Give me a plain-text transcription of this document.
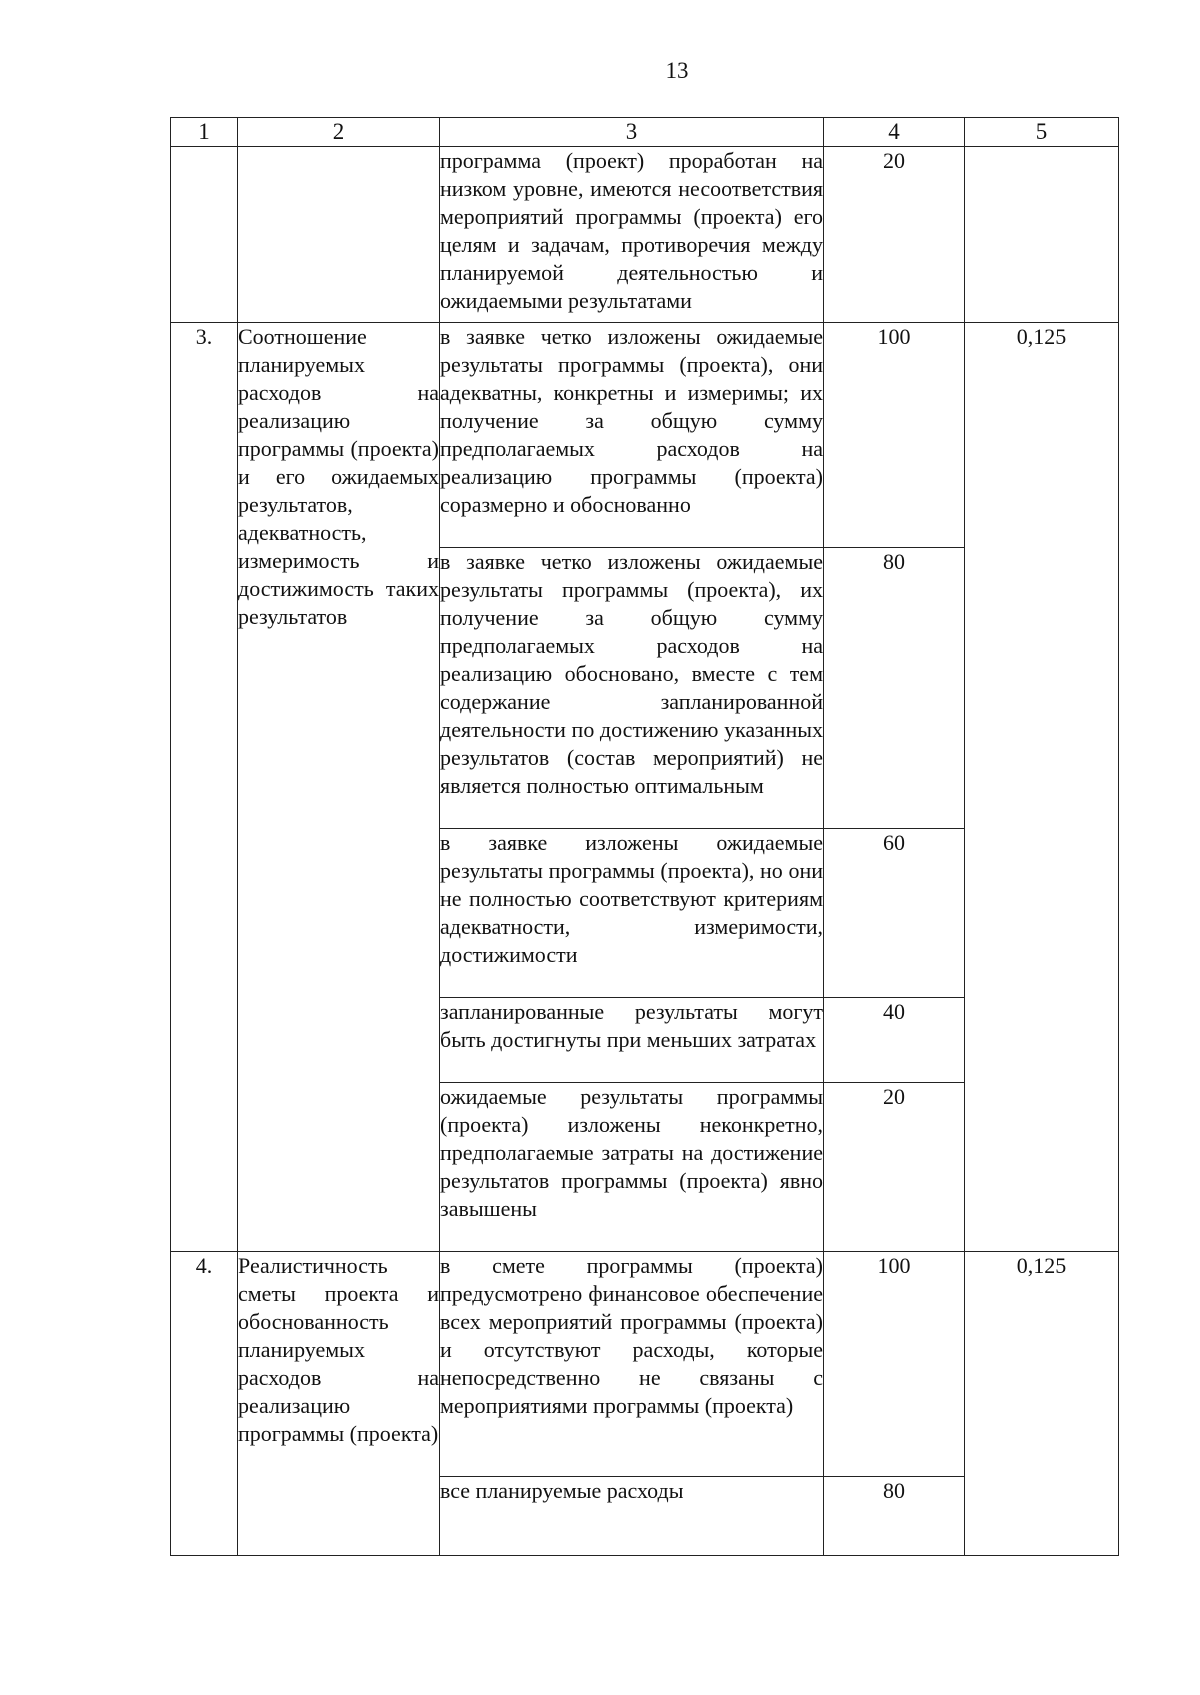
13
1	2	3	4	5
		программа (проект) проработан на низком уровне, имеются несоответствия мероприятий программы (проекта) его целям и задачам, противоречия между планируемой деятельностью и ожидаемыми результатами	20	
3.	Соотношение планируемых расходов на реализацию программы (проекта) и его ожидаемых результатов, адекватность, измеримость и достижимость таких результатов	в заявке четко изложены ожидаемые результаты программы (проекта), они адекватны, конкретны и измеримы; их получение за общую сумму предполагаемых расходов на реализацию программы (проекта) соразмерно и обоснованно	100	0,125
		в заявке четко изложены ожидаемые результаты программы (проекта), их получение за общую сумму предполагаемых расходов на реализацию обосновано, вместе с тем содержание запланированной деятельности по достижению указанных результатов (состав мероприятий) не является полностью оптимальным	80	
		в заявке изложены ожидаемые результаты программы (проекта), но они не полностью соответствуют критериям адекватности, измеримости, достижимости	60	
		запланированные результаты могут быть достигнуты при меньших затратах	40	
		ожидаемые результаты программы (проекта) изложены неконкретно, предполагаемые затраты на достижение результатов программы (проекта) явно завышены	20	
4.	Реалистичность сметы проекта и обоснованность планируемых расходов на реализацию программы (проекта)	в смете программы (проекта) предусмотрено финансовое обеспечение всех мероприятий программы (проекта) и отсутствуют расходы, которые непосредственно не связаны с мероприятиями программы (проекта)	100	0,125
		все планируемые расходы	80	
